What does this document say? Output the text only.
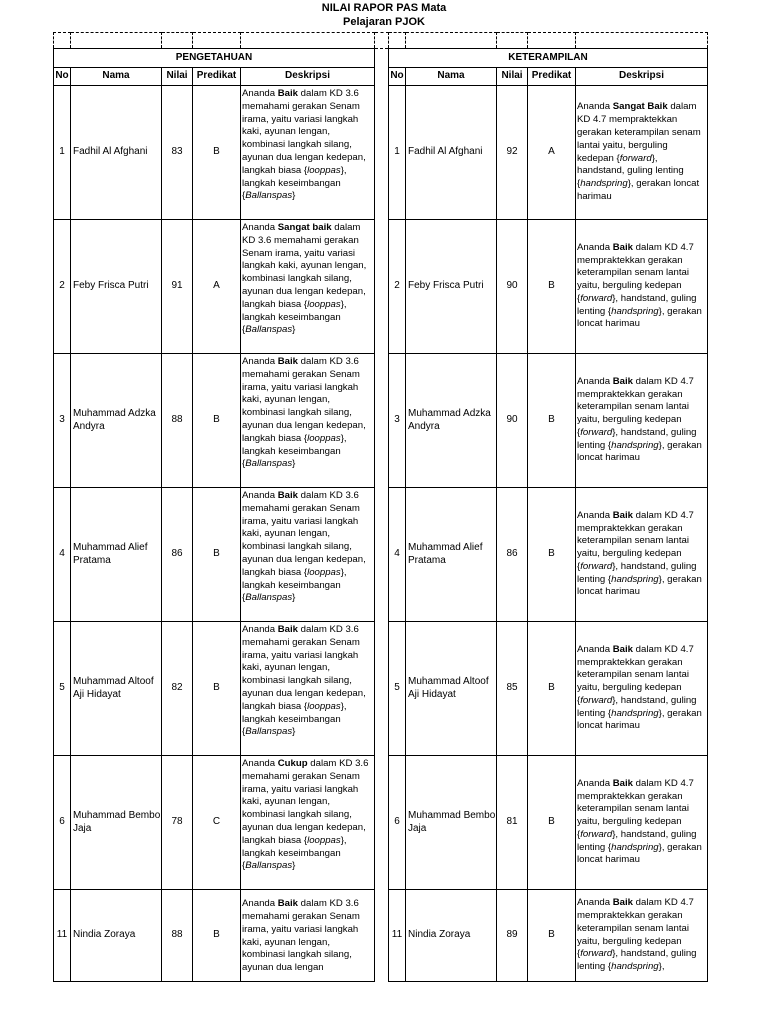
NILAI RAPOR PAS Mata
Pelajaran PJOK

PENGETAHUAN						KETERAMPILAN				
No	Nama	Nilai	Predikat	Deskripsi		No	Nama	Nilai	Predikat	Deskripsi
1	Fadhil Al Afghani	83	B	Ananda Baik dalam KD 3.6 memahami gerakan Senam irama, yaitu variasi langkah kaki, ayunan lengan, kombinasi langkah silang, ayunan dua lengan kedepan, langkah biasa {looppas}, langkah keseimbangan {Ballanspas}		1	Fadhil Al Afghani	92	A	Ananda Sangat Baik dalam KD 4.7 mempraktekkan gerakan keterampilan senam lantai yaitu, berguling kedepan {forward}, handstand, guling lenting {handspring}, gerakan loncat harimau
2	Feby Frisca Putri	91	A	Ananda Sangat baik dalam KD 3.6 memahami gerakan Senam irama, yaitu variasi langkah kaki, ayunan lengan, kombinasi langkah silang, ayunan dua lengan kedepan, langkah biasa {looppas}, langkah keseimbangan {Ballanspas}		2	Feby Frisca Putri	90	B	Ananda Baik dalam KD 4.7 mempraktekkan gerakan keterampilan senam lantai yaitu, berguling kedepan {forward}, handstand, guling lenting {handspring}, gerakan loncat harimau
3	Muhammad Adzka Andyra	88	B	Ananda Baik dalam KD 3.6 memahami gerakan Senam irama, yaitu variasi langkah kaki, ayunan lengan, kombinasi langkah silang, ayunan dua lengan kedepan, langkah biasa {looppas}, langkah keseimbangan {Ballanspas}		3	Muhammad Adzka Andyra	90	B	Ananda Baik dalam KD 4.7 mempraktekkan gerakan keterampilan senam lantai yaitu, berguling kedepan {forward}, handstand, guling lenting {handspring}, gerakan loncat harimau
4	Muhammad Alief Pratama	86	B	Ananda Baik dalam KD 3.6 memahami gerakan Senam irama, yaitu variasi langkah kaki, ayunan lengan, kombinasi langkah silang, ayunan dua lengan kedepan, langkah biasa {looppas}, langkah keseimbangan {Ballanspas}		4	Muhammad Alief Pratama	86	B	Ananda Baik dalam KD 4.7 mempraktekkan gerakan keterampilan senam lantai yaitu, berguling kedepan {forward}, handstand, guling lenting {handspring}, gerakan loncat harimau
5	Muhammad Altoof Aji Hidayat	82	B	Ananda Baik dalam KD 3.6 memahami gerakan Senam irama, yaitu variasi langkah kaki, ayunan lengan, kombinasi langkah silang, ayunan dua lengan kedepan, langkah biasa {looppas}, langkah keseimbangan {Ballanspas}		5	Muhammad Altoof Aji Hidayat	85	B	Ananda Baik dalam KD 4.7 mempraktekkan gerakan keterampilan senam lantai yaitu, berguling kedepan {forward}, handstand, guling lenting {handspring}, gerakan loncat harimau
6	Muhammad Bembo Jaja	78	C	Ananda Cukup dalam KD 3.6 memahami gerakan Senam irama, yaitu variasi langkah kaki, ayunan lengan, kombinasi langkah silang, ayunan dua lengan kedepan, langkah biasa {looppas}, langkah keseimbangan {Ballanspas}		6	Muhammad Bembo Jaja	81	B	Ananda Baik dalam KD 4.7 mempraktekkan gerakan keterampilan senam lantai yaitu, berguling kedepan {forward}, handstand, guling lenting {handspring}, gerakan loncat harimau
11	Nindia Zoraya	88	B	Ananda Baik dalam KD 3.6 memahami gerakan Senam irama, yaitu variasi langkah kaki, ayunan lengan, kombinasi langkah silang, ayunan dua lengan		11	Nindia Zoraya	89	B	Ananda Baik dalam KD 4.7 mempraktekkan gerakan keterampilan senam lantai yaitu, berguling kedepan {forward}, handstand, guling lenting {handspring},
